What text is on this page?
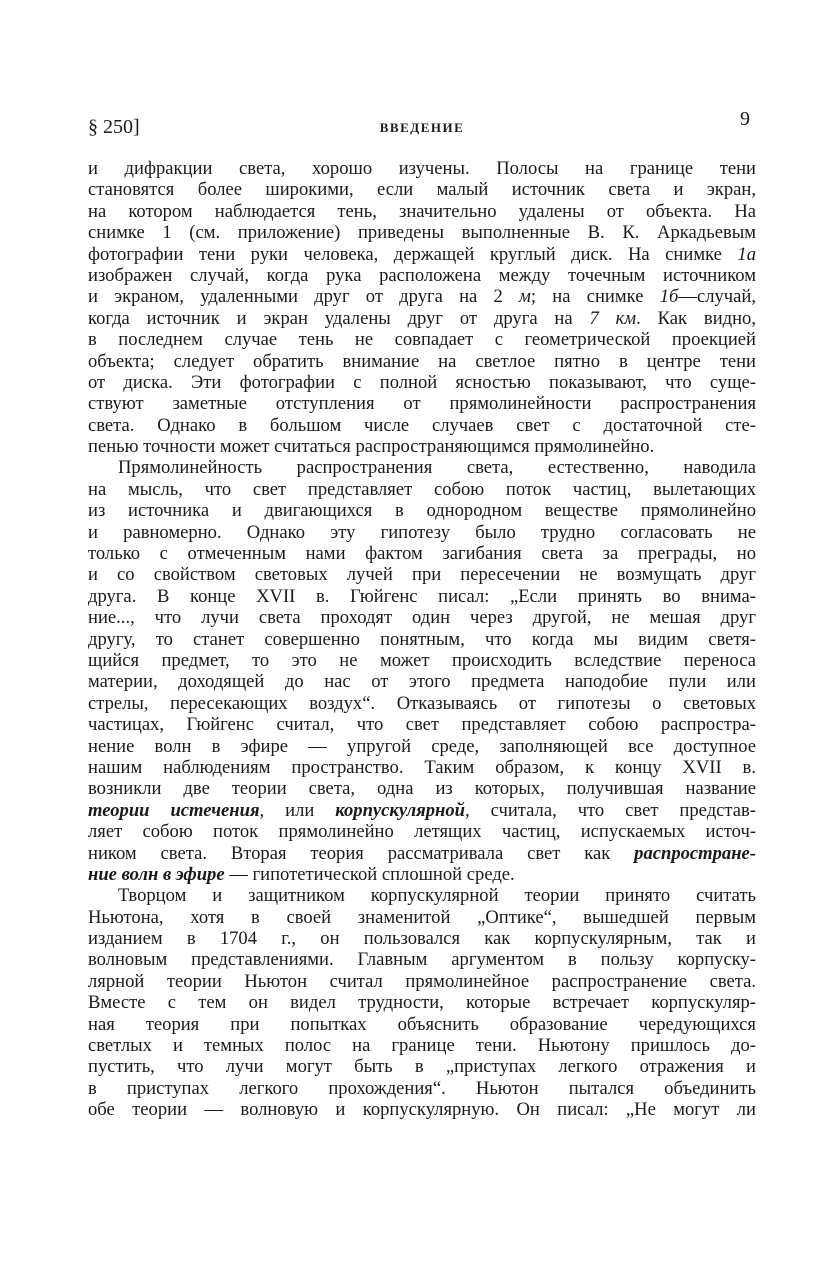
§ 250]	ВВЕДЕНИЕ	9
и дифракции света, хорошо изучены. Полосы на границе тени
становятся более широкими, если малый источник света и экран,
на котором наблюдается тень, значительно удалены от объекта. На
снимке 1 (см. приложение) приведены выполненные В. К. Аркадьевым
фотографии тени руки человека, держащей круглый диск. На снимке 1а
изображен случай, когда рука расположена между точечным источником
и экраном, удаленными друг от друга на 2 м; на снимке 1б—случай,
когда источник и экран удалены друг от друга на 7 км. Как видно,
в последнем случае тень не совпадает с геометрической проекцией
объекта; следует обратить внимание на светлое пятно в центре тени
от диска. Эти фотографии с полной ясностью показывают, что суще-
ствуют заметные отступления от прямолинейности распространения
света. Однако в большом числе случаев свет с достаточной сте-
пенью точности может считаться распространяющимся прямолинейно.
Прямолинейность распространения света, естественно, наводила
на мысль, что свет представляет собою поток частиц, вылетающих
из источника и двигающихся в однородном веществе прямолинейно
и равномерно. Однако эту гипотезу было трудно согласовать не
только с отмеченным нами фактом загибания света за преграды, но
и со свойством световых лучей при пересечении не возмущать друг
друга. В конце XVII в. Гюйгенс писал: „Если принять во внима-
ние..., что лучи света проходят один через другой, не мешая друг
другу, то станет совершенно понятным, что когда мы видим светя-
щийся предмет, то это не может происходить вследствие переноса
материи, доходящей до нас от этого предмета наподобие пули или
стрелы, пересекающих воздух“. Отказываясь от гипотезы о световых
частицах, Гюйгенс считал, что свет представляет собою распростра-
нение волн в эфире — упругой среде, заполняющей все доступное
нашим наблюдениям пространство. Таким образом, к концу XVII в.
возникли две теории света, одна из которых, получившая название
теории истечения, или корпускулярной, считала, что свет представ-
ляет собою поток прямолинейно летящих частиц, испускаемых источ-
ником света. Вторая теория рассматривала свет как распростране-
ние волн в эфире — гипотетической сплошной среде.
Творцом и защитником корпускулярной теории принято считать
Ньютона, хотя в своей знаменитой „Оптике“, вышедшей первым
изданием в 1704 г., он пользовался как корпускулярным, так и
волновым представлениями. Главным аргументом в пользу корпуску-
лярной теории Ньютон считал прямолинейное распространение света.
Вместе с тем он видел трудности, которые встречает корпускуляр-
ная теория при попытках объяснить образование чередующихся
светлых и темных полос на границе тени. Ньютону пришлось до-
пустить, что лучи могут быть в „приступах легкого отражения и
в приступах легкого прохождения“. Ньютон пытался объединить
обе теории — волновую и корпускулярную. Он писал: „Не могут ли
